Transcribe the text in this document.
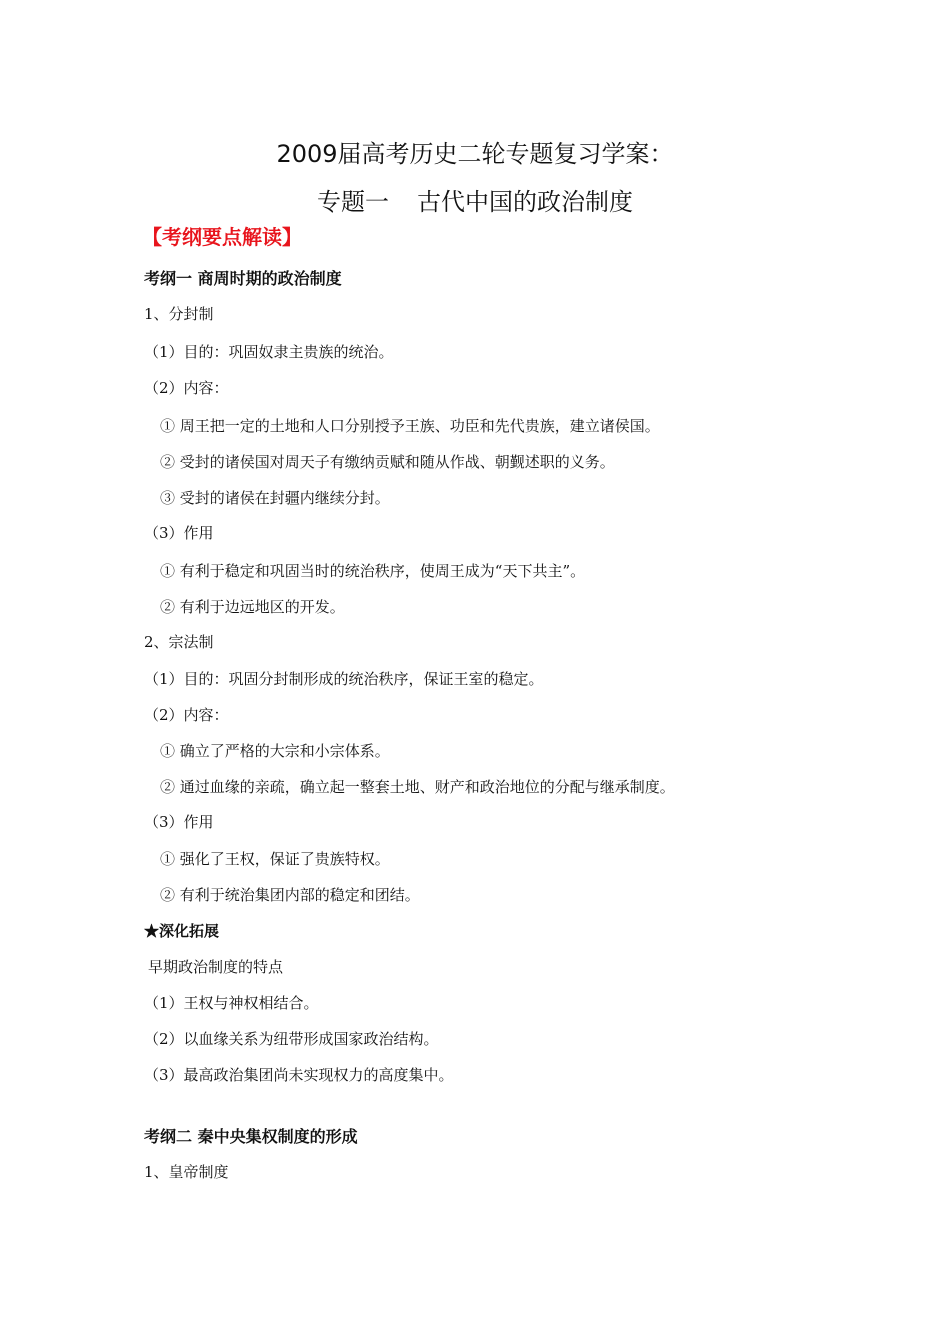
2009届高考历史二轮专题复习学案：
专题一 古代中国的政治制度
【考纲要点解读】
考纲一 商周时期的政治制度
1、分封制
（1）目的：巩固奴隶主贵族的统治。
（2）内容：
① 周王把一定的土地和人口分别授予王族、功臣和先代贵族，建立诸侯国。
② 受封的诸侯国对周天子有缴纳贡赋和随从作战、朝觐述职的义务。
③ 受封的诸侯在封疆内继续分封。
（3）作用
① 有利于稳定和巩固当时的统治秩序，使周王成为“天下共主”。
② 有利于边远地区的开发。
2、宗法制
（1）目的：巩固分封制形成的统治秩序，保证王室的稳定。
（2）内容：
① 确立了严格的大宗和小宗体系。
② 通过血缘的亲疏，确立起一整套土地、财产和政治地位的分配与继承制度。
（3）作用
① 强化了王权，保证了贵族特权。
② 有利于统治集团内部的稳定和团结。
★深化拓展
早期政治制度的特点
（1）王权与神权相结合。
（2）以血缘关系为纽带形成国家政治结构。
（3）最高政治集团尚未实现权力的高度集中。
考纲二 秦中央集权制度的形成
1、皇帝制度
